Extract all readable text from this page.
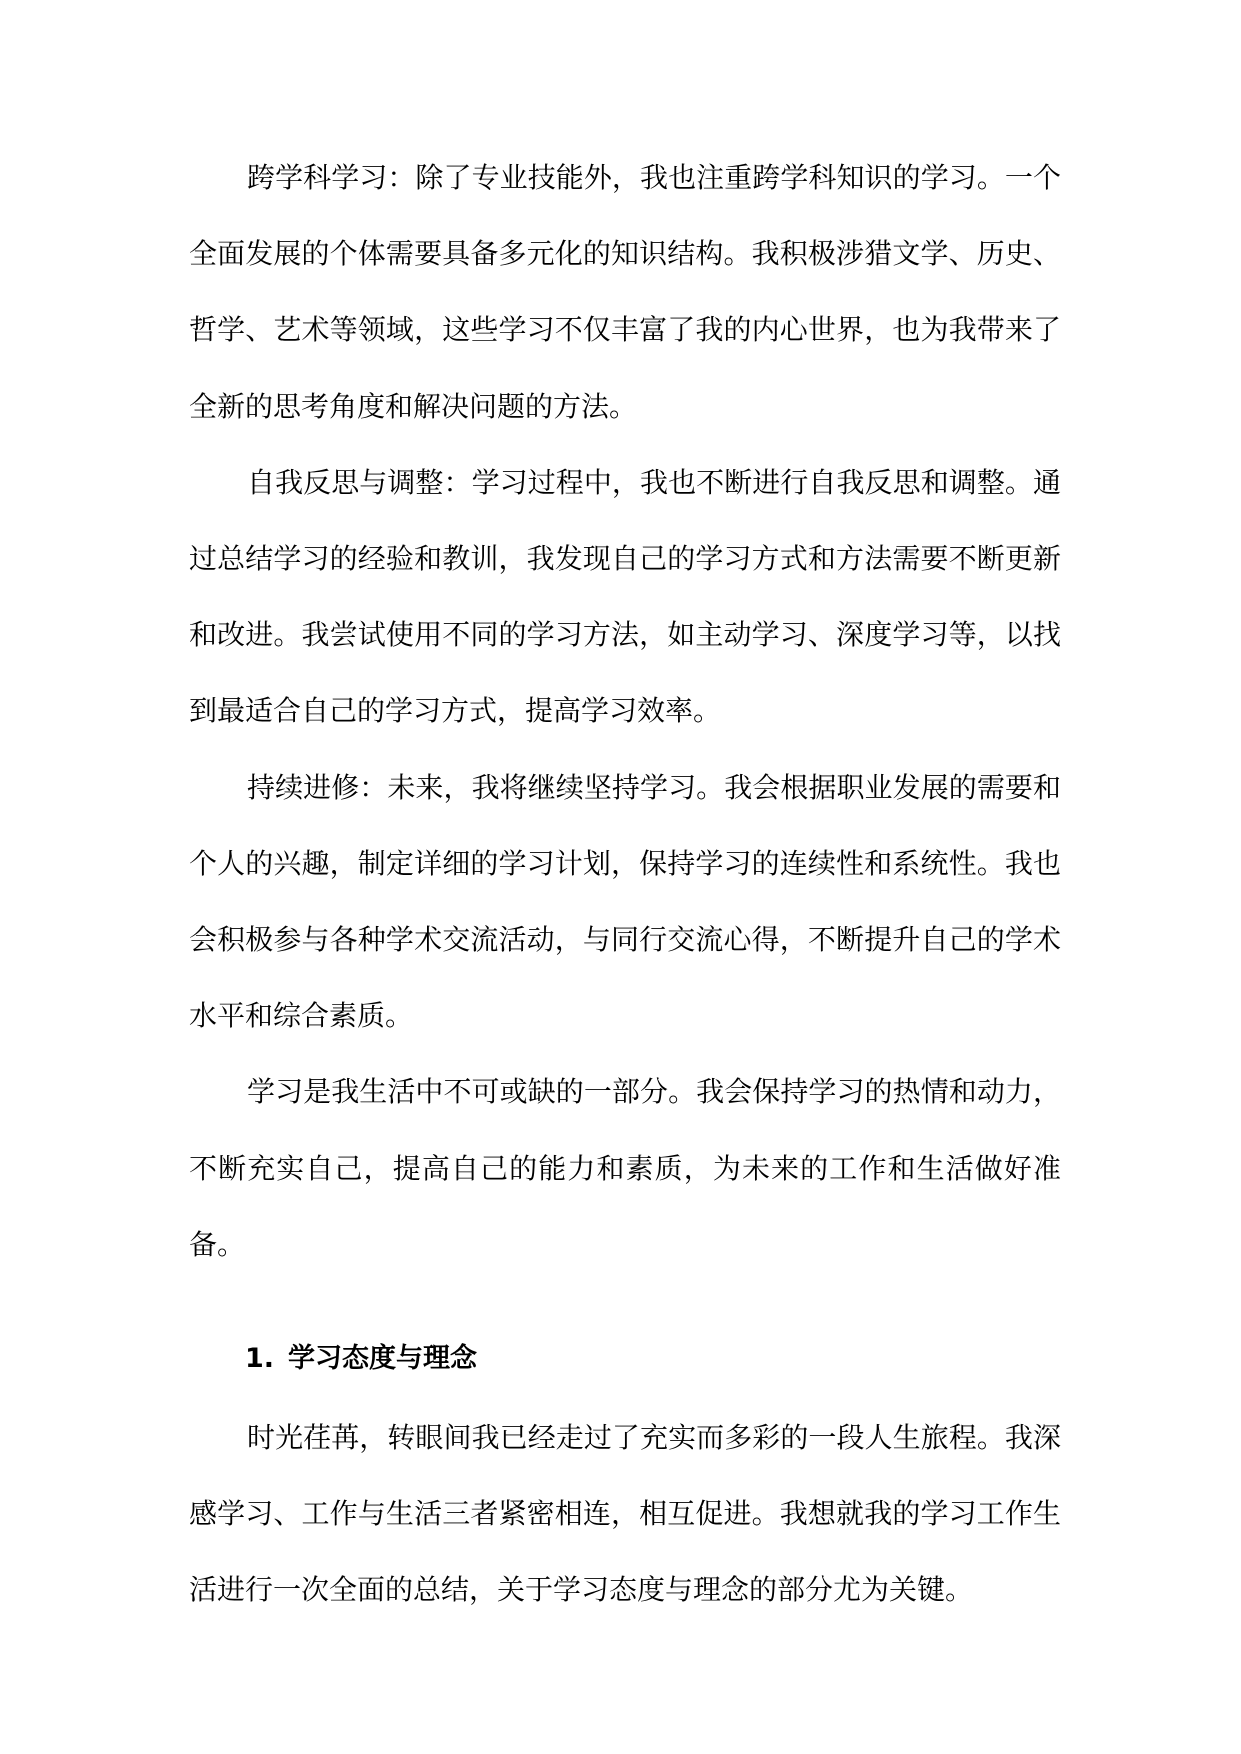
跨学科学习：除了专业技能外，我也注重跨学科知识的学习。一个全面发展的个体需要具备多元化的知识结构。我积极涉猎文学、历史、哲学、艺术等领域，这些学习不仅丰富了我的内心世界，也为我带来了全新的思考角度和解决问题的方法。

自我反思与调整：学习过程中，我也不断进行自我反思和调整。通过总结学习的经验和教训，我发现自己的学习方式和方法需要不断更新和改进。我尝试使用不同的学习方法，如主动学习、深度学习等，以找到最适合自己的学习方式，提高学习效率。

持续进修：未来，我将继续坚持学习。我会根据职业发展的需要和个人的兴趣，制定详细的学习计划，保持学习的连续性和系统性。我也会积极参与各种学术交流活动，与同行交流心得，不断提升自己的学术水平和综合素质。

学习是我生活中不可或缺的一部分。我会保持学习的热情和动力，不断充实自己，提高自己的能力和素质，为未来的工作和生活做好准备。

1. 学习态度与理念

时光荏苒，转眼间我已经走过了充实而多彩的一段人生旅程。我深感学习、工作与生活三者紧密相连，相互促进。我想就我的学习工作生活进行一次全面的总结，关于学习态度与理念的部分尤为关键。
